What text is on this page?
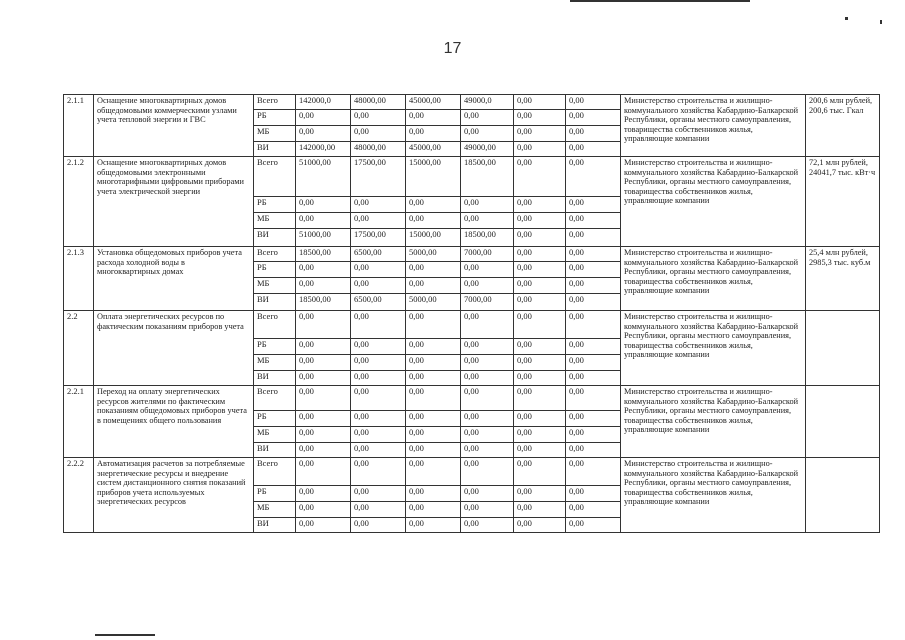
17
2.1.1	Оснащение многоквартирных домов общедомовыми коммерческими узлами учета тепловой энергии и ГВС	Всего	142000,0	48000,00	45000,00	49000,0	0,00	0,00	Министерство строительства и жилищно-коммунального хозяйства Кабардино-Балкарской Республики, органы местного самоуправления, товарищества собственников жилья, управляющие компании	200,6 млн рублей, 200,6 тыс. Гкал
		РБ	0,00	0,00	0,00	0,00	0,00	0,00		
		МБ	0,00	0,00	0,00	0,00	0,00	0,00		
		ВИ	142000,00	48000,00	45000,00	49000,00	0,00	0,00		
2.1.2	Оснащение многоквартирных домов общедомовыми электронными многотарифными цифровыми приборами учета электрической энергии	Всего	51000,00	17500,00	15000,00	18500,00	0,00	0,00	Министерство строительства и жилищно-коммунального хозяйства Кабардино-Балкарской Республики, органы местного самоуправления, товарищества собственников жилья, управляющие компании	72,1 млн рублей, 24041,7 тыс. кВт·ч
		РБ	0,00	0,00	0,00	0,00	0,00	0,00		
		МБ	0,00	0,00	0,00	0,00	0,00	0,00		
		ВИ	51000,00	17500,00	15000,00	18500,00	0,00	0,00		
2.1.3	Установка общедомовых приборов учета расхода холодной воды в многоквартирных домах	Всего	18500,00	6500,00	5000,00	7000,00	0,00	0,00	Министерство строительства и жилищно-коммунального хозяйства Кабардино-Балкарской Республики, органы местного самоуправления, товарищества собственников жилья, управляющие компании	25,4 млн рублей, 2985,3 тыс. куб.м
		РБ	0,00	0,00	0,00	0,00	0,00	0,00		
		МБ	0,00	0,00	0,00	0,00	0,00	0,00		
		ВИ	18500,00	6500,00	5000,00	7000,00	0,00	0,00		
2.2	Оплата энергетических ресурсов по фактическим показаниям приборов учета	Всего	0,00	0,00	0,00	0,00	0,00	0,00	Министерство строительства и жилищно-коммунального хозяйства Кабардино-Балкарской Республики, органы местного самоуправления, товарищества собственников жилья, управляющие компании	
		РБ	0,00	0,00	0,00	0,00	0,00	0,00		
		МБ	0,00	0,00	0,00	0,00	0,00	0,00		
		ВИ	0,00	0,00	0,00	0,00	0,00	0,00		
2.2.1	Переход на оплату энергетических ресурсов жителями по фактическим показаниям общедомовых приборов учета в помещениях общего пользования	Всего	0,00	0,00	0,00	0,00	0,00	0,00	Министерство строительства и жилищно-коммунального хозяйства Кабардино-Балкарской Республики, органы местного самоуправления, товарищества собственников жилья, управляющие компании	
		РБ	0,00	0,00	0,00	0,00	0,00	0,00		
		МБ	0,00	0,00	0,00	0,00	0,00	0,00		
		ВИ	0,00	0,00	0,00	0,00	0,00	0,00		
2.2.2	Автоматизация расчетов за потребляемые энергетические ресурсы и внедрение систем дистанционного снятия показаний приборов учета используемых энергетических ресурсов	Всего	0,00	0,00	0,00	0,00	0,00	0,00	Министерство строительства и жилищно-коммунального хозяйства Кабардино-Балкарской Республики, органы местного самоуправления, товарищества собственников жилья, управляющие компании	
		РБ	0,00	0,00	0,00	0,00	0,00	0,00		
		МБ	0,00	0,00	0,00	0,00	0,00	0,00		
		ВИ	0,00	0,00	0,00	0,00	0,00	0,00		
